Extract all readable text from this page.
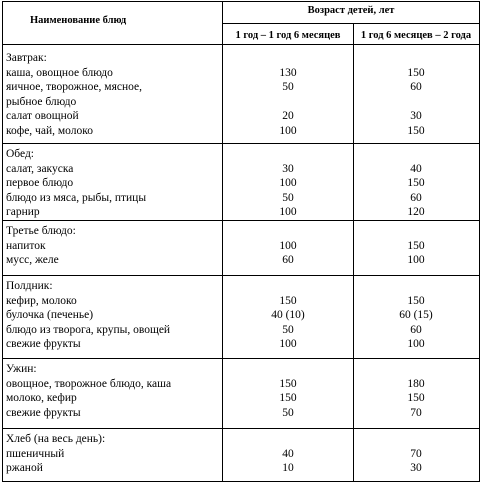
Наименование блюд
Возраст детей, лет
1 год – 1 год 6 месяцев	1 год 6 месяцев – 2 года
Завтрак:
каша, овощное блюдо	130	150
яичное, творожное, мясное,
рыбное блюдо
50	60
салат овощной	20	30
кофе, чай, молоко	100	150
Обед:
салат, закуска	30	40
первое блюдо	100	150
блюдо из мяса, рыбы, птицы	50	60
гарнир	100	120
Третье блюдо:
напиток	100	150
мусс, желе	60	100
Полдник:
кефир, молоко	150	150
булочка (печенье)	40 (10)	60 (15)
блюдо из творога, крупы, овощей	50	60
свежие фрукты	100	100
Ужин:
овощное, творожное блюдо, каша	150	180
молоко, кефир	150	150
свежие фрукты	50	70
Хлеб (на весь день):
пшеничный	40	70
ржаной	10	30
